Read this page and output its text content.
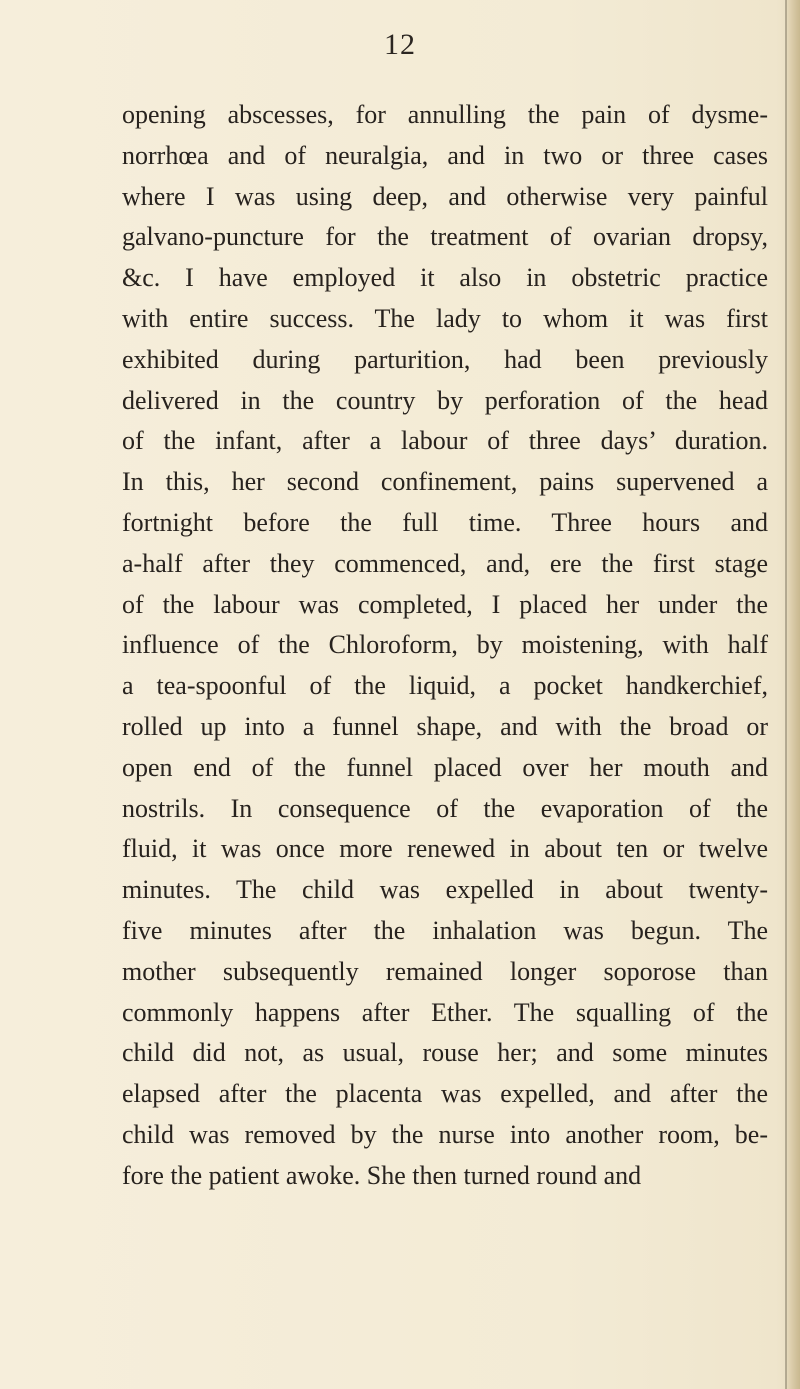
12
opening abscesses, for annulling the pain of dysme-
norrhœa and of neuralgia, and in two or three cases
where I was using deep, and otherwise very painful
galvano-puncture for the treatment of ovarian dropsy,
&c. I have employed it also in obstetric practice
with entire success. The lady to whom it was first
exhibited during parturition, had been previously
delivered in the country by perforation of the head
of the infant, after a labour of three days’ duration.
In this, her second confinement, pains supervened a
fortnight before the full time. Three hours and
a-half after they commenced, and, ere the first stage
of the labour was completed, I placed her under the
influence of the Chloroform, by moistening, with half
a tea-spoonful of the liquid, a pocket handkerchief,
rolled up into a funnel shape, and with the broad or
open end of the funnel placed over her mouth and
nostrils. In consequence of the evaporation of the
fluid, it was once more renewed in about ten or twelve
minutes. The child was expelled in about twenty-
five minutes after the inhalation was begun. The
mother subsequently remained longer soporose than
commonly happens after Ether. The squalling of the
child did not, as usual, rouse her; and some minutes
elapsed after the placenta was expelled, and after the
child was removed by the nurse into another room, be-
fore the patient awoke. She then turned round and
